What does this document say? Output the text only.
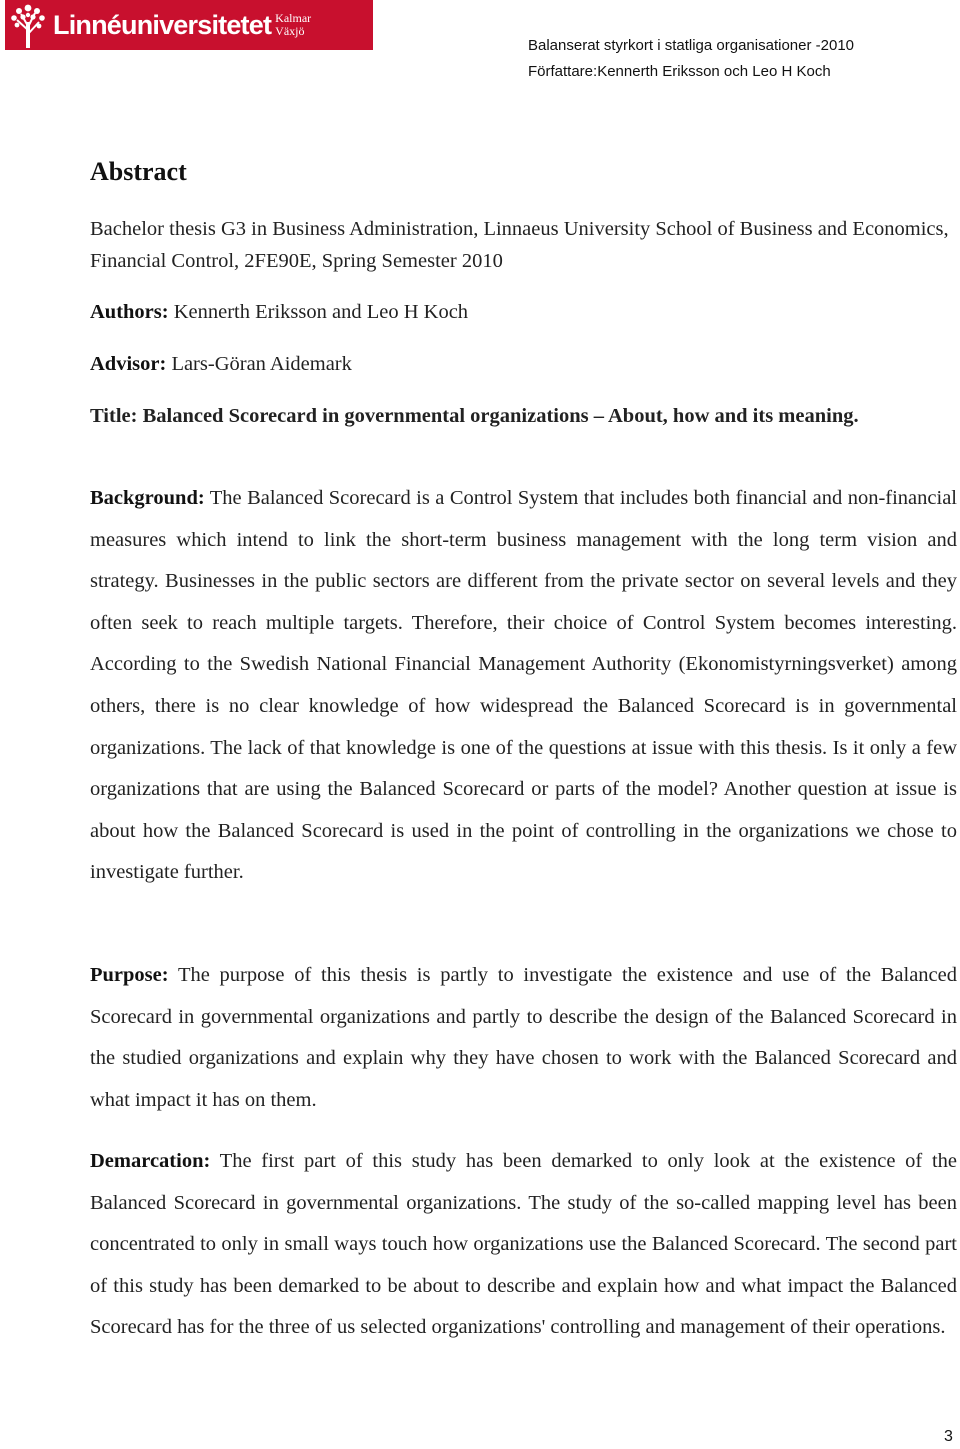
Linnéuniversitetet Kalmar
Växjö
Balanserat styrkort i statliga organisationer -2010
Författare:Kennerth Eriksson och Leo H Koch
Abstract

Bachelor thesis G3 in Business Administration, Linnaeus University School of Business and Economics, Financial Control, 2FE90E, Spring Semester 2010

Authors: Kennerth Eriksson and Leo H Koch

Advisor: Lars-Göran Aidemark

Title: Balanced Scorecard in governmental organizations – About, how and its meaning.

Background: The Balanced Scorecard is a Control System that includes both financial and non-financial measures which intend to link the short-term business management with the long term vision and strategy. Businesses in the public sectors are different from the private sector on several levels and they often seek to reach multiple targets. Therefore, their choice of Control System becomes interesting. According to the Swedish National Financial Management Authority (Ekonomistyrningsverket) among others, there is no clear knowledge of how widespread the Balanced Scorecard is in governmental organizations. The lack of that knowledge is one of the questions at issue with this thesis. Is it only a few organizations that are using the Balanced Scorecard or parts of the model? Another question at issue is about how the Balanced Scorecard is used in the point of controlling in the organizations we chose to investigate further.

Purpose: The purpose of this thesis is partly to investigate the existence and use of the Balanced Scorecard in governmental organizations and partly to describe the design of the Balanced Scorecard in the studied organizations and explain why they have chosen to work with the Balanced Scorecard and what impact it has on them.

Demarcation: The first part of this study has been demarked to only look at the existence of the Balanced Scorecard in governmental organizations. The study of the so-called mapping level has been concentrated to only in small ways touch how organizations use the Balanced Scorecard. The second part of this study has been demarked to be about to describe and explain how and what impact the Balanced Scorecard has for the three of us selected organizations' controlling and management of their operations.

3
